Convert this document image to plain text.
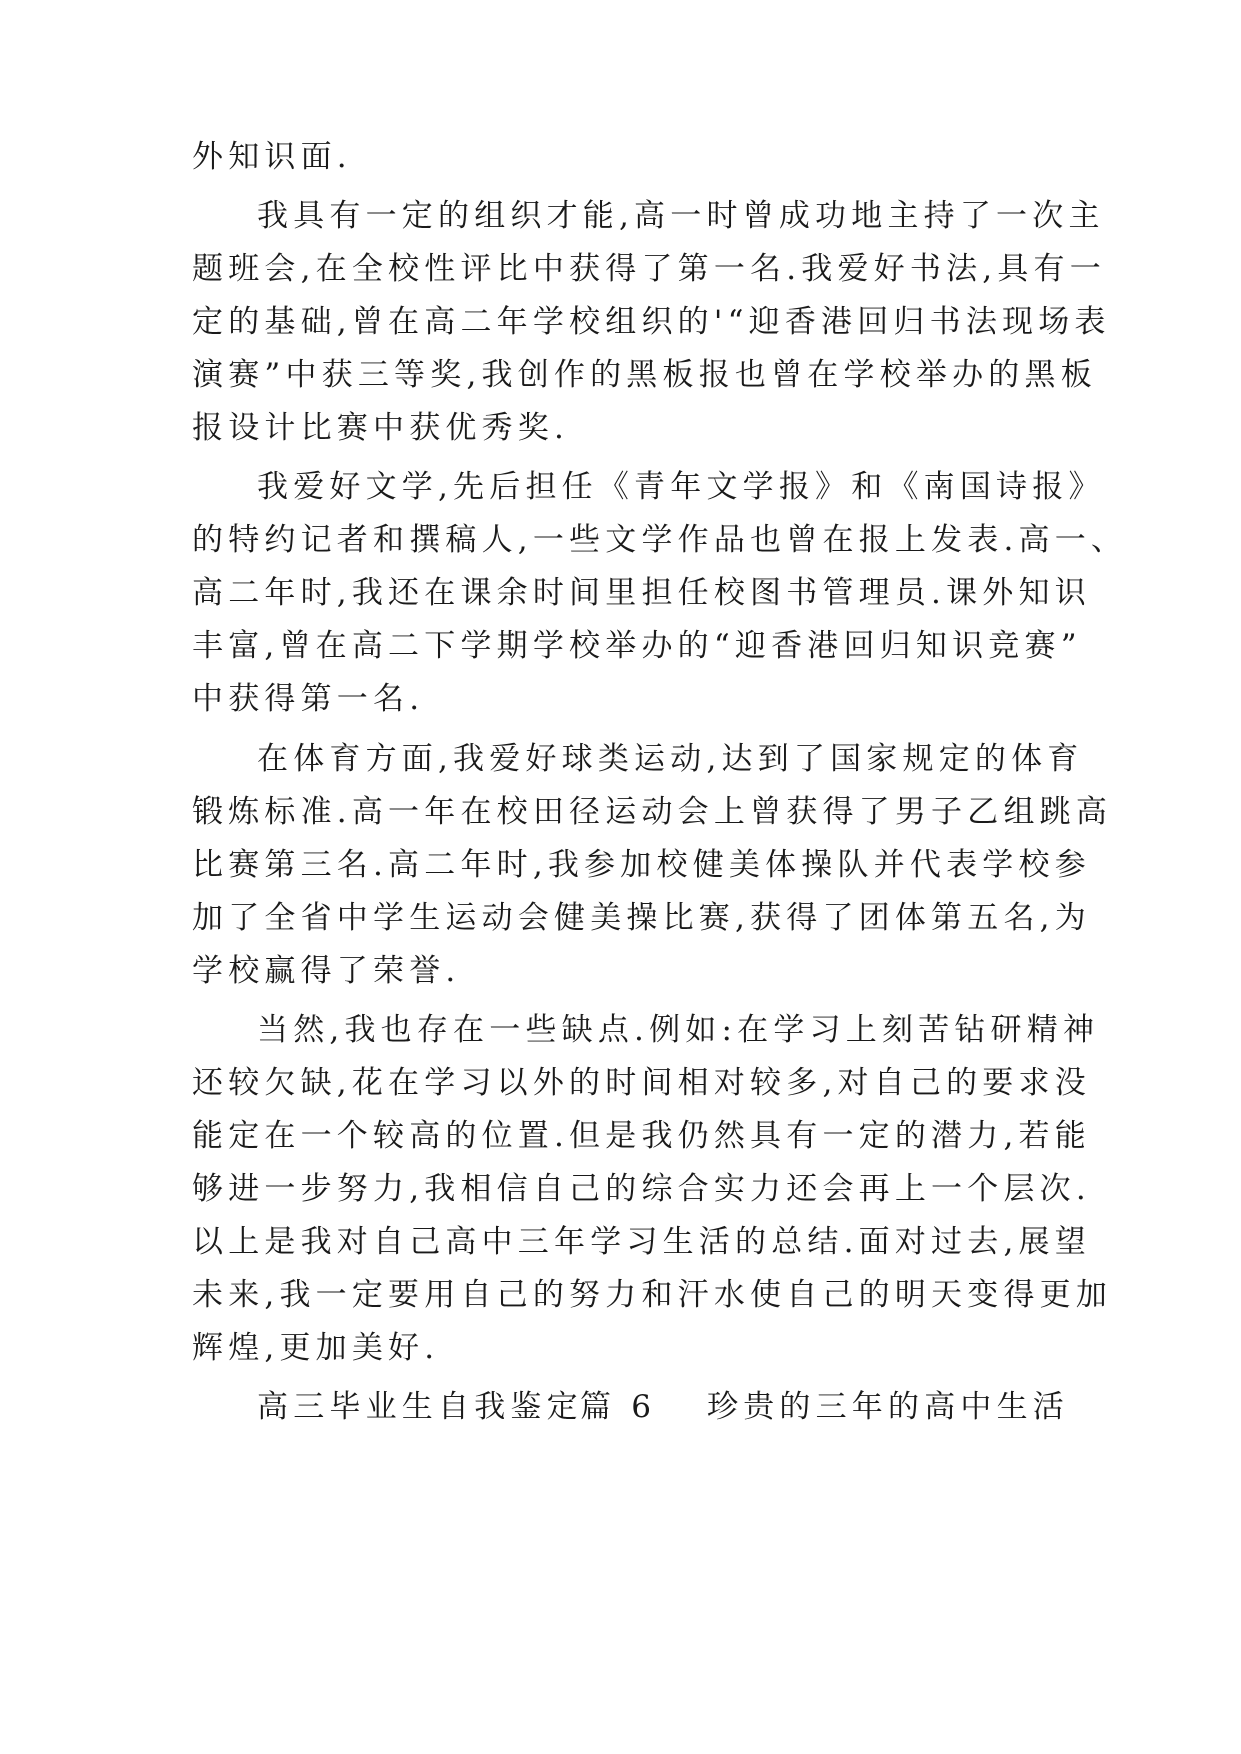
外知识面.
我具有一定的组织才能,高一时曾成功地主持了一次主
题班会,在全校性评比中获得了第一名.我爱好书法,具有一
定的基础,曾在高二年学校组织的'“迎香港回归书法现场表
演赛”中获三等奖,我创作的黑板报也曾在学校举办的黑板
报设计比赛中获优秀奖.
我爱好文学,先后担任《青年文学报》和《南国诗报》
的特约记者和撰稿人,一些文学作品也曾在报上发表.高一、
高二年时,我还在课余时间里担任校图书管理员.课外知识
丰富,曾在高二下学期学校举办的“迎香港回归知识竞赛”
中获得第一名.
在体育方面,我爱好球类运动,达到了国家规定的体育
锻炼标准.高一年在校田径运动会上曾获得了男子乙组跳高
比赛第三名.高二年时,我参加校健美体操队并代表学校参
加了全省中学生运动会健美操比赛,获得了团体第五名,为
学校赢得了荣誉.
当然,我也存在一些缺点.例如:在学习上刻苦钻研精神
还较欠缺,花在学习以外的时间相对较多,对自己的要求没
能定在一个较高的位置.但是我仍然具有一定的潜力,若能
够进一步努力,我相信自己的综合实力还会再上一个层次.
以上是我对自己高中三年学习生活的总结.面对过去,展望
未来,我一定要用自己的努力和汗水使自己的明天变得更加
辉煌,更加美好.
高三毕业生自我鉴定
篇 6 珍贵的三年的高中生活
